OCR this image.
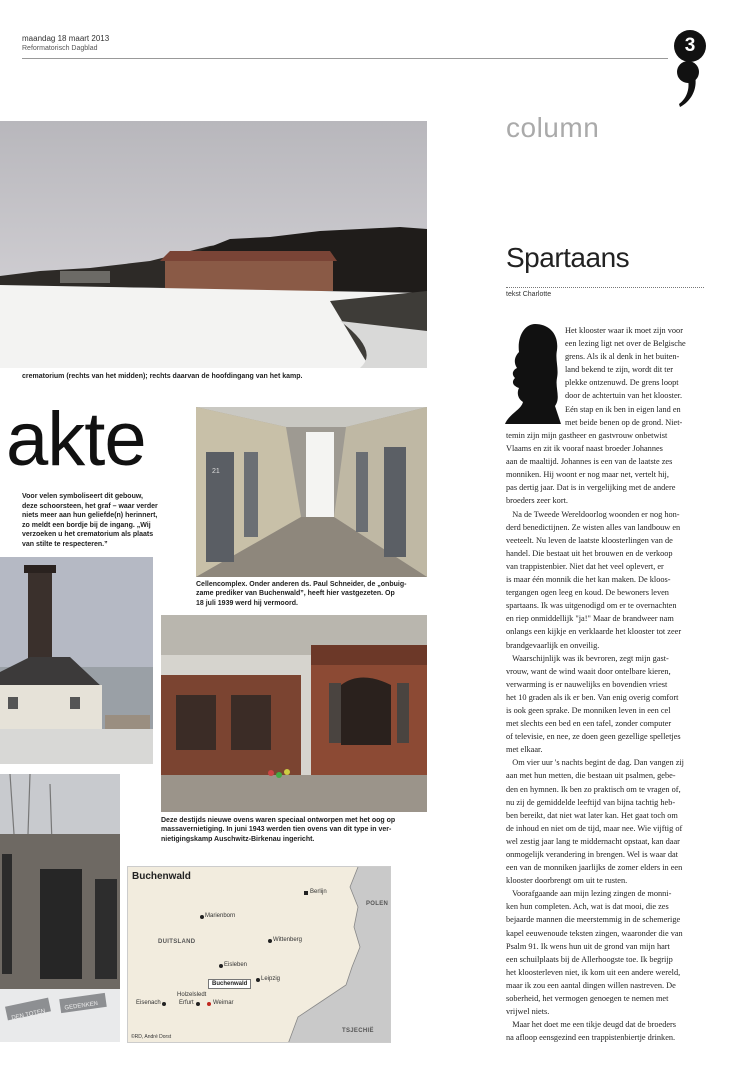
maandag 18 maart 2013
Reformatorisch Dagblad	3
crematorium (rechts van het midden); rechts daarvan de hoofdingang van het kamp.
akte
Voor velen symboliseert dit gebouw,
deze schoorsteen, het graf – waar verder
niets meer aan hun geliefde(n) herinnert,
zo meldt een bordje bij de ingang. „Wij
verzoeken u het crematorium als plaats
van stilte te respecteren.”
DEN TOTEN
GEDENKEN
21
Cellencomplex. Onder anderen ds. Paul Schneider, de „onbuig-
zame prediker van Buchenwald”, heeft hier vastgezeten. Op
18 juli 1939 werd hij vermoord.
Deze destijds nieuwe ovens waren speciaal ontworpen met het oog op
massavernietiging. In juni 1943 werden tien ovens van dit type in ver-
nietigingskamp Auschwitz-Birkenau ingericht.
Buchenwald
DUITSLAND
POLEN
TSJECHIË
Berlijn
Marienborn
Wittenberg
Eisleben
Leipzig
Holzelsledt
Eisenach	Erfurt	Weimar
Buchenwald
©RD, André Dorst
column
Spartaans
tekst Charlotte
Het klooster waar ik moet zijn voor
een lezing ligt net over de Belgische
grens. Als ik al denk in het buiten-
land bekend te zijn, wordt dit ter
plekke ontzenuwd. De grens loopt
door de achtertuin van het klooster.
Eén stap en ik ben in eigen land en
met beide benen op de grond. Niet-
temin zijn mijn gastheer en gastvrouw onbetwist
Vlaams en zit ik vooraf naast broeder Johannes
aan de maaltijd. Johannes is een van de laatste zes
monniken. Hij woont er nog maar net, vertelt hij,
pas dertig jaar. Dat is in vergelijking met de andere
broeders zeer kort.
Na de Tweede Wereldoorlog woonden er nog hon-
derd benedictijnen. Ze wisten alles van landbouw en
veeteelt. Nu leven de laatste kloosterlingen van de
handel. Die bestaat uit het brouwen en de verkoop
van trappistenbier. Niet dat het veel oplevert, er
is maar één monnik die het kan maken. De kloos-
tergangen ogen leeg en koud. De bewoners leven
spartaans. Ik was uitgenodigd om er te overnachten
en riep onmiddellijk "ja!" Maar de brandweer nam
onlangs een kijkje en verklaarde het klooster tot zeer
brandgevaarlijk en onveilig.
Waarschijnlijk was ik bevroren, zegt mijn gast-
vrouw, want de wind waait door ontelbare kieren,
verwarming is er nauwelijks en bovendien vriest
het 10 graden als ik er ben. Van enig overig comfort
is ook geen sprake. De monniken leven in een cel
met slechts een bed en een tafel, zonder computer
of televisie, en nee, ze doen geen gezellige spelletjes
met elkaar.
Om vier uur 's nachts begint de dag. Dan vangen zij
aan met hun metten, die bestaan uit psalmen, gebe-
den en hymnen. Ik ben zo praktisch om te vragen of,
nu zij de gemiddelde leeftijd van bijna tachtig heb-
ben bereikt, dat niet wat later kan. Het gaat toch om
de inhoud en niet om de tijd, maar nee. Wie vijftig of
wel zestig jaar lang te middernacht opstaat, kan daar
onmogelijk verandering in brengen. Wel is waar dat
een van de monniken jaarlijks de zomer elders in een
klooster doorbrengt om uit te rusten.
Voorafgaande aan mijn lezing zingen de monni-
ken hun completen. Ach, wat is dat mooi, die zes
bejaarde mannen die meerstemmig in de schemerige
kapel eeuwenoude teksten zingen, waaronder die van
Psalm 91. Ik wens hun uit de grond van mijn hart
een schuilplaats bij de Allerhoogste toe. Ik begrijp
het kloosterleven niet, ik kom uit een andere wereld,
maar ik zou een aantal dingen willen nastreven. De
soberheid, het vermogen genoegen te nemen met
vrijwel niets.
Maar het doet me een tikje deugd dat de broeders
na afloop eensgezind een trappistenbiertje drinken.
